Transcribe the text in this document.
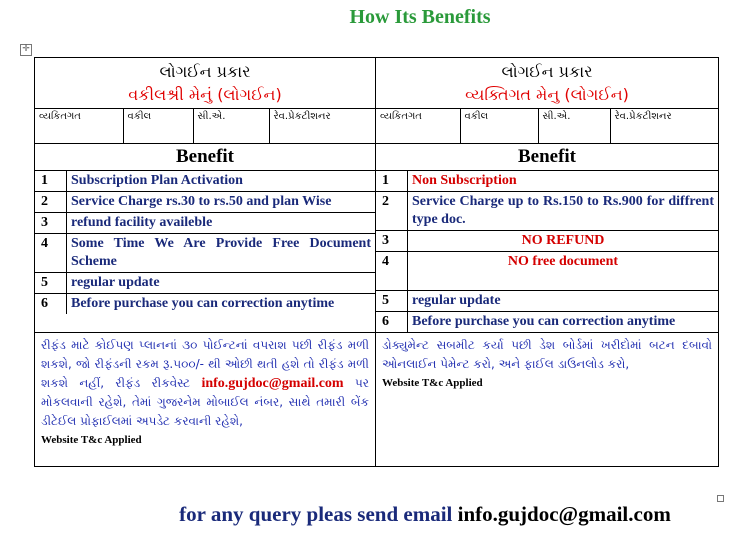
How Its Benefits
✛
લોગઈન પ્રકાર
વકીલશ્રી મેનું (લોગઈન)

લોગઈન પ્રકાર
વ્યક્તિગત મેનુ (લોગઈન)

વ્યકિતગત	વકીલ	સી.એ.	રેવ.પ્રેકટીશનર
		વ્યકિતગત	વકીલ	સી.એ.	રેવ.પ્રેકટીશનર

Benefit	Benefit

1	Subscription Plan Activation
2	Service Charge rs.30 to rs.50 and plan Wise
3	refund facility availeble
4	Some Time We Are Provide Free Document Scheme
5	regular update
6	Before purchase you can correction anytime

1	Non Subscription
2	Service Charge up to Rs.150 to Rs.900 for diffrent type doc.
3	NO REFUND
4	NO free document
5	regular update
6	Before purchase you can correction anytime

રીફંડ માટે કોઈપણ પ્લાનનાં ૩૦ પોઈન્ટનાં વપરાશ પછી રીફંડ મળી શકશે, જો રીફંડની રકમ રૂ.૫૦૦/- થી ઓછી થતી હશે તો રીફંડ મળી શકશે નહીં, રીફંડ રીકવેસ્ટ info.gujdoc@gmail.com પર મોકલવાની રહેશે, તેમાં ગુજરનેમ મોબાઈલ નંબર, સાથે તમારી બેંક ડીટેઈલ પ્રોફાઈલમાં અપડેટ કરવાની રહેશે,
Website T&c Applied
	ડોક્યુમેન્ટ સબમીટ કર્યા પછી ડેશ બોર્ડમાં ખરીદોમાં બટન દબાવો ઓનલાઈન પેમેન્ટ કરો, અને ફાઈલ ડાઉનલોડ કરો,
Website T&c Applied
for any query pleas send email info.gujdoc@gmail.com
